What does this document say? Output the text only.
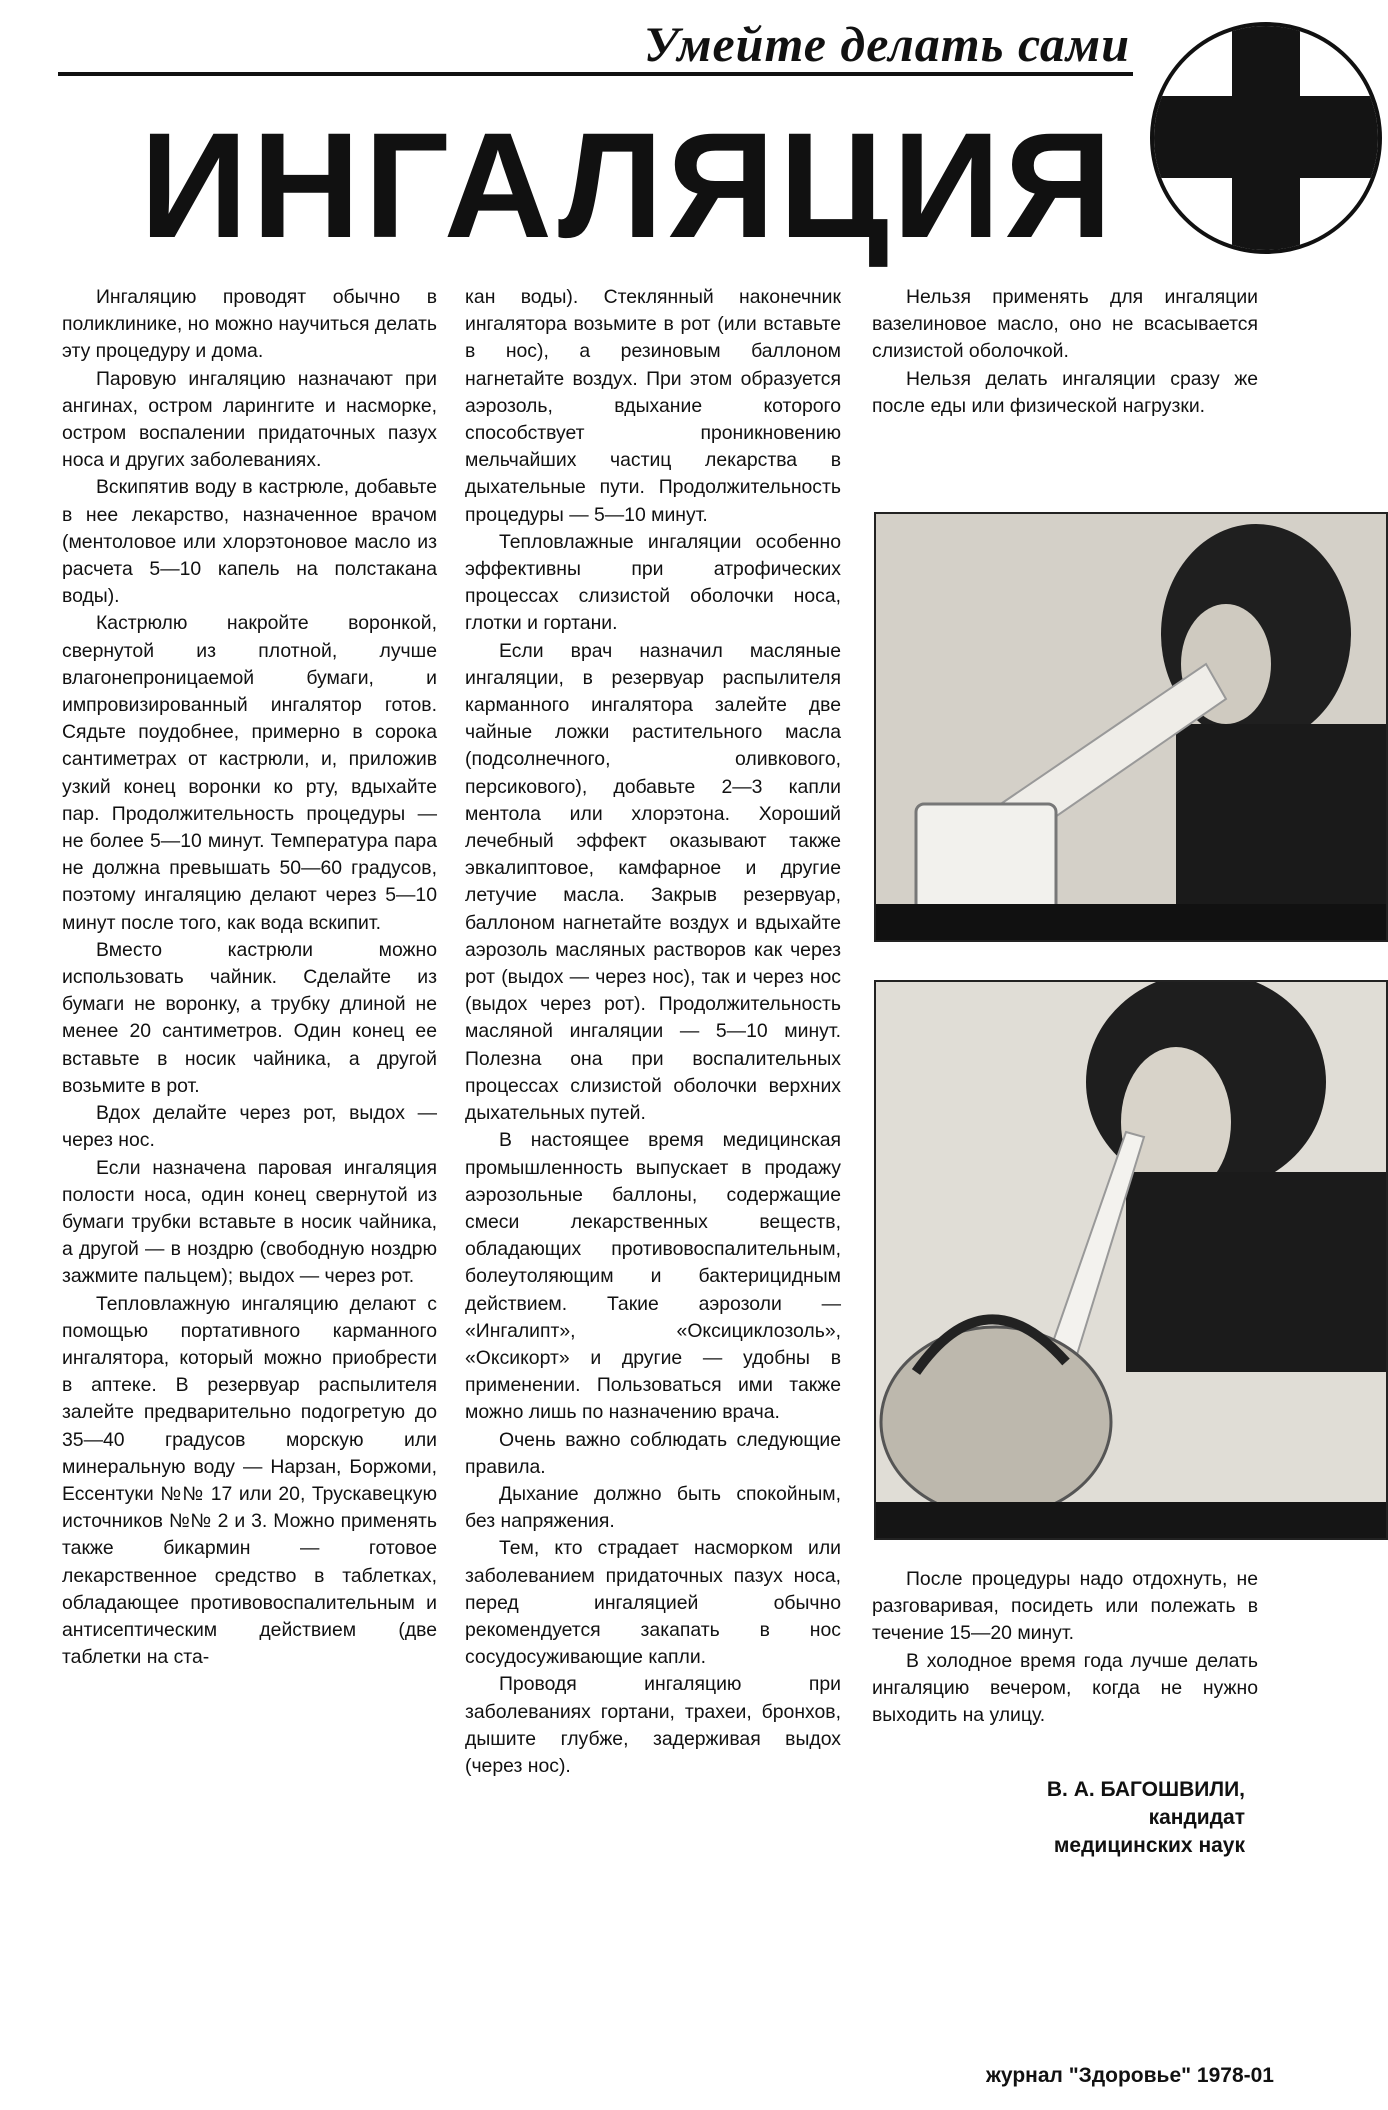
Умейте делать сами
ИНГАЛЯЦИЯ

Ингаляцию проводят обычно в поликлинике, но можно научиться делать эту процедуру и дома.

Паровую ингаляцию назначают при ангинах, остром ларингите и насморке, остром воспалении придаточных пазух носа и других заболеваниях.

Вскипятив воду в кастрюле, добавьте в нее лекарство, назначенное врачом (ментоловое или хлорэтоновое масло из расчета 5—10 капель на полстакана воды).

Кастрюлю накройте воронкой, свернутой из плотной, лучше влагонепроницаемой бумаги, и импровизированный ингалятор готов. Сядьте поудобнее, примерно в сорока сантиметрах от кастрюли, и, приложив узкий конец воронки ко рту, вдыхайте пар. Продолжительность процедуры — не более 5—10 минут. Температура пара не должна превышать 50—60 градусов, поэтому ингаляцию делают через 5—10 минут после того, как вода вскипит.

Вместо кастрюли можно использовать чайник. Сделайте из бумаги не воронку, а трубку длиной не менее 20 сантиметров. Один конец ее вставьте в носик чайника, а другой возьмите в рот.

Вдох делайте через рот, выдох — через нос.

Если назначена паровая ингаляция полости носа, один конец свернутой из бумаги трубки вставьте в носик чайника, а другой — в ноздрю (свободную ноздрю зажмите пальцем); выдох — через рот.

Тепловлажную ингаляцию делают с помощью портативного карманного ингалятора, который можно приобрести в аптеке. В резервуар распылителя залейте предварительно подогретую до 35—40 градусов морскую или минеральную воду — Нарзан, Боржоми, Ессентуки №№ 17 или 20, Трускавецкую источников №№ 2 и 3. Можно применять также бикармин — готовое лекарственное средство в таблетках, обладающее противовоспалительным и антисептическим действием (две таблетки на ста-

кан воды). Стеклянный наконечник ингалятора возьмите в рот (или вставьте в нос), а резиновым баллоном нагнетайте воздух. При этом образуется аэрозоль, вдыхание которого способствует проникновению мельчайших частиц лекарства в дыхательные пути. Продолжительность процедуры — 5—10 минут.

Тепловлажные ингаляции особенно эффективны при атрофических процессах слизистой оболочки носа, глотки и гортани.

Если врач назначил масляные ингаляции, в резервуар распылителя карманного ингалятора залейте две чайные ложки растительного масла (подсолнечного, оливкового, персикового), добавьте 2—3 капли ментола или хлорэтона. Хороший лечебный эффект оказывают также эвкалиптовое, камфарное и другие летучие масла. Закрыв резервуар, баллоном нагнетайте воздух и вдыхайте аэрозоль масляных растворов как через рот (выдох — через нос), так и через нос (выдох через рот). Продолжительность масляной ингаляции — 5—10 минут. Полезна она при воспалительных процессах слизистой оболочки верхних дыхательных путей.

В настоящее время медицинская промышленность выпускает в продажу аэрозольные баллоны, содержащие смеси лекарственных веществ, обладающих противовоспалительным, болеутоляющим и бактерицидным действием. Такие аэрозоли — «Ингалипт», «Оксициклозоль», «Оксикорт» и другие — удобны в применении. Пользоваться ими также можно лишь по назначению врача.

Очень важно соблюдать следующие правила.

Дыхание должно быть спокойным, без напряжения.

Тем, кто страдает насморком или заболеванием придаточных пазух носа, перед ингаляцией обычно рекомендуется закапать в нос сосудосуживающие капли.

Проводя ингаляцию при заболеваниях гортани, трахеи, бронхов, дышите глубже, задерживая выдох (через нос).

Нельзя применять для ингаляции вазелиновое масло, оно не всасывается слизистой оболочкой.

Нельзя делать ингаляции сразу же после еды или физической нагрузки.

После процедуры надо отдохнуть, не разговаривая, посидеть или полежать в течение 15—20 минут.

В холодное время года лучше делать ингаляцию вечером, когда не нужно выходить на улицу.

В. А. БАГОШВИЛИ,
кандидат
медицинских наук
журнал "Здоровье" 1978-01
